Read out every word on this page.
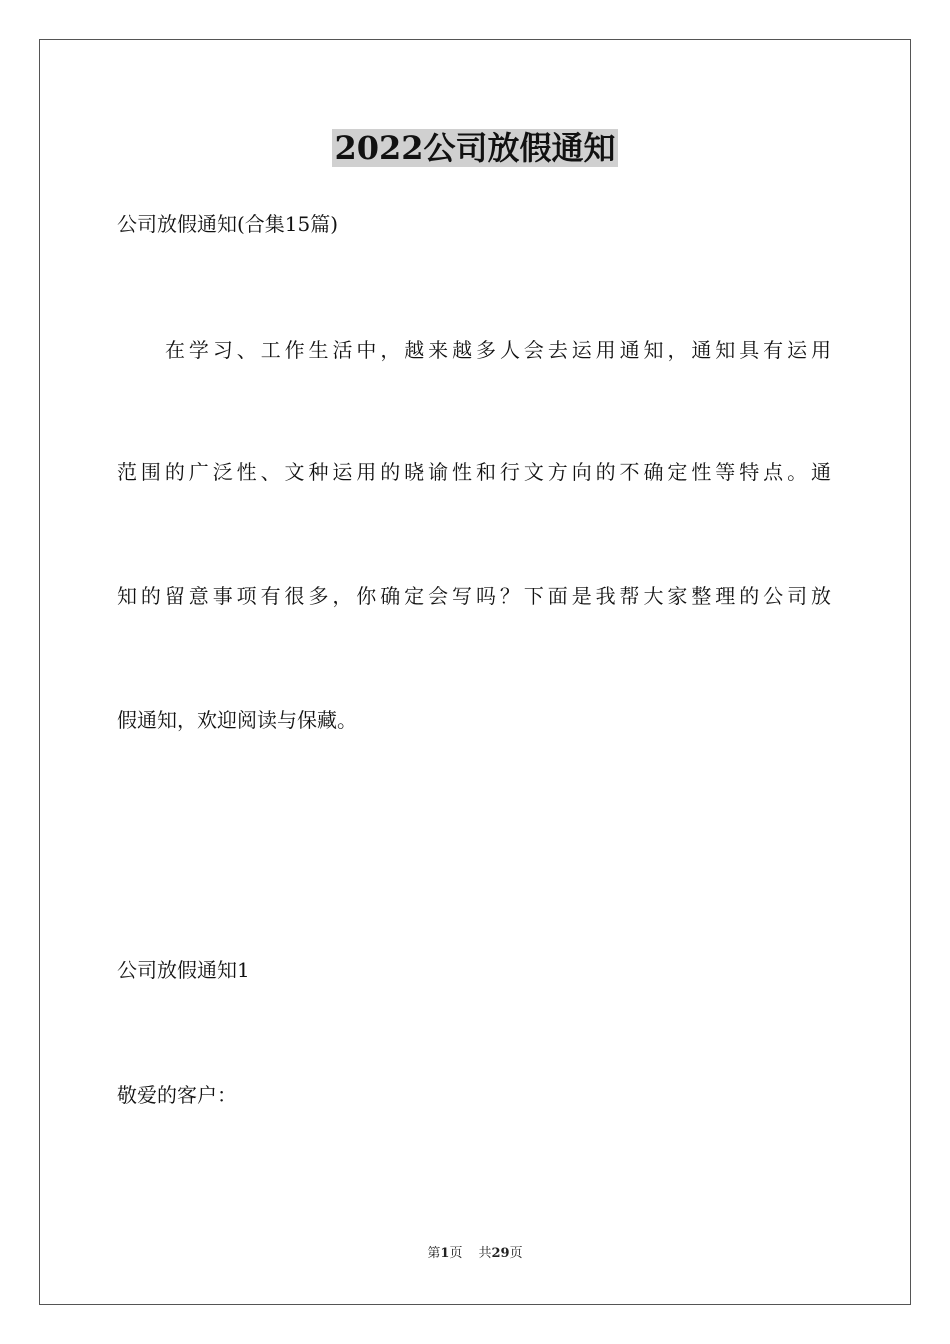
2022公司放假通知
公司放假通知(合集15篇)
在学习、工作生活中，越来越多人会去运用通知，通知具有运用
范围的广泛性、文种运用的晓谕性和行文方向的不确定性等特点。通
知的留意事项有很多，你确定会写吗？下面是我帮大家整理的公司放
假通知，欢迎阅读与保藏。
公司放假通知1
敬爱的客户：
第1页 共29页
